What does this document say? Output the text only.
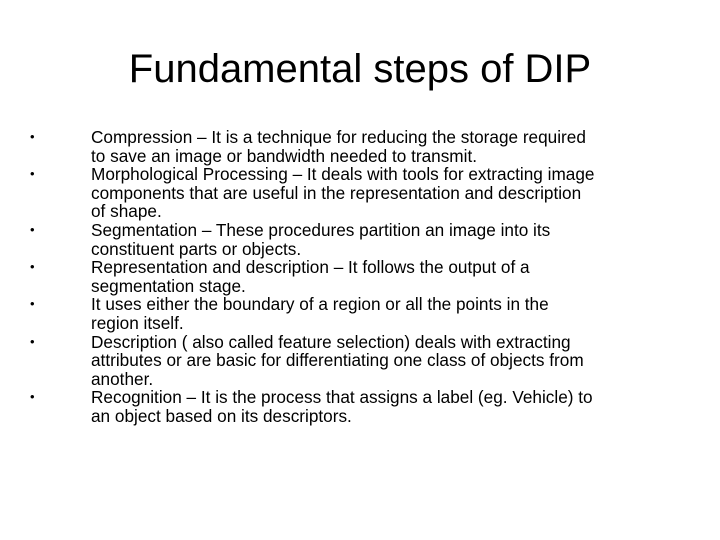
Fundamental steps of DIP
•	Compression – It is a technique for reducing the storage required
to save an image or bandwidth needed to transmit.
•	Morphological Processing – It deals with tools for extracting image
components that are useful in the representation and description
of shape.
•	Segmentation – These procedures partition an image into its
constituent parts or objects.
•	Representation and description – It follows the output of a
segmentation stage.
•	It uses either the boundary of a region or all the points in the
region itself.
•	Description ( also called feature selection) deals with extracting
attributes or are basic for differentiating one class of objects from
another.
•	Recognition – It is the process that assigns a label (eg. Vehicle) to
an object based on its descriptors.
